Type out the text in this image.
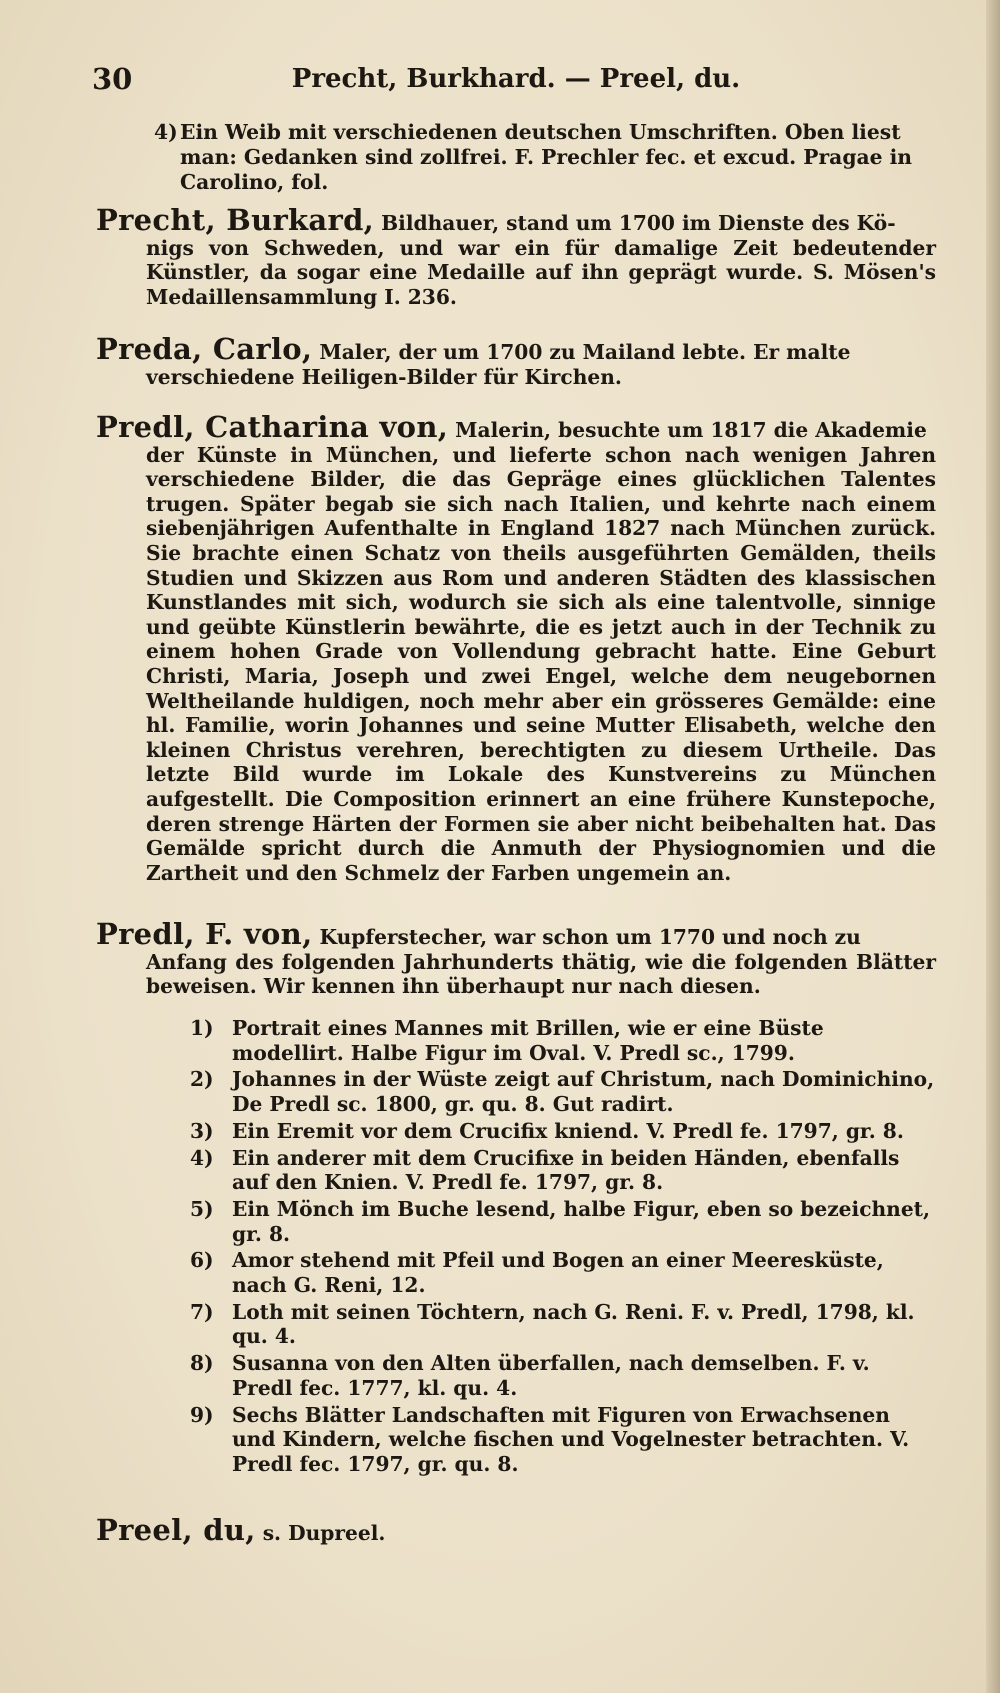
30	Precht, Burkhard. — Preel, du.
4) Ein Weib mit verschiedenen deutschen Umschriften. Oben liest man: Gedanken sind zollfrei. F. Prechler fec. et excud. Pragae in Carolino, fol.
Precht, Burkard, Bildhauer, stand um 1700 im Dienste des Kö-
nigs von Schweden, und war ein für damalige Zeit bedeutender Künstler, da sogar eine Medaille auf ihn geprägt wurde. S. Mösen's Medaillensammlung I. 236.
Preda, Carlo, Maler, der um 1700 zu Mailand lebte. Er malte
verschiedene Heiligen-Bilder für Kirchen.
Predl, Catharina von, Malerin, besuchte um 1817 die Akademie
der Künste in München, und lieferte schon nach wenigen Jahren verschiedene Bilder, die das Gepräge eines glücklichen Talentes trugen. Später begab sie sich nach Italien, und kehrte nach einem siebenjährigen Aufenthalte in England 1827 nach München zurück. Sie brachte einen Schatz von theils ausgeführten Gemälden, theils Studien und Skizzen aus Rom und anderen Städten des klassischen Kunstlandes mit sich, wodurch sie sich als eine talentvolle, sinnige und geübte Künstlerin bewährte, die es jetzt auch in der Technik zu einem hohen Grade von Vollendung gebracht hatte. Eine Geburt Christi, Maria, Joseph und zwei Engel, welche dem neugebornen Weltheilande huldigen, noch mehr aber ein grösseres Gemälde: eine hl. Familie, worin Johannes und seine Mutter Elisabeth, welche den kleinen Christus verehren, berechtigten zu diesem Urtheile. Das letzte Bild wurde im Lokale des Kunstvereins zu München aufgestellt. Die Composition erinnert an eine frühere Kunstepoche, deren strenge Härten der Formen sie aber nicht beibehalten hat. Das Gemälde spricht durch die Anmuth der Physiognomien und die Zartheit und den Schmelz der Farben ungemein an.
Predl, F. von, Kupferstecher, war schon um 1770 und noch zu
Anfang des folgenden Jahrhunderts thätig, wie die folgenden Blätter beweisen. Wir kennen ihn überhaupt nur nach diesen.
1) Portrait eines Mannes mit Brillen, wie er eine Büste modellirt. Halbe Figur im Oval. V. Predl sc., 1799.
2) Johannes in der Wüste zeigt auf Christum, nach Dominichino, De Predl sc. 1800, gr. qu. 8. Gut radirt.
3) Ein Eremit vor dem Crucifix kniend. V. Predl fe. 1797, gr. 8.
4) Ein anderer mit dem Crucifixe in beiden Händen, ebenfalls auf den Knien. V. Predl fe. 1797, gr. 8.
5) Ein Mönch im Buche lesend, halbe Figur, eben so bezeichnet, gr. 8.
6) Amor stehend mit Pfeil und Bogen an einer Meeresküste, nach G. Reni, 12.
7) Loth mit seinen Töchtern, nach G. Reni. F. v. Predl, 1798, kl. qu. 4.
8) Susanna von den Alten überfallen, nach demselben. F. v. Predl fec. 1777, kl. qu. 4.
9) Sechs Blätter Landschaften mit Figuren von Erwachsenen und Kindern, welche fischen und Vogelnester betrachten. V. Predl fec. 1797, gr. qu. 8.
Preel, du, s. Dupreel.
